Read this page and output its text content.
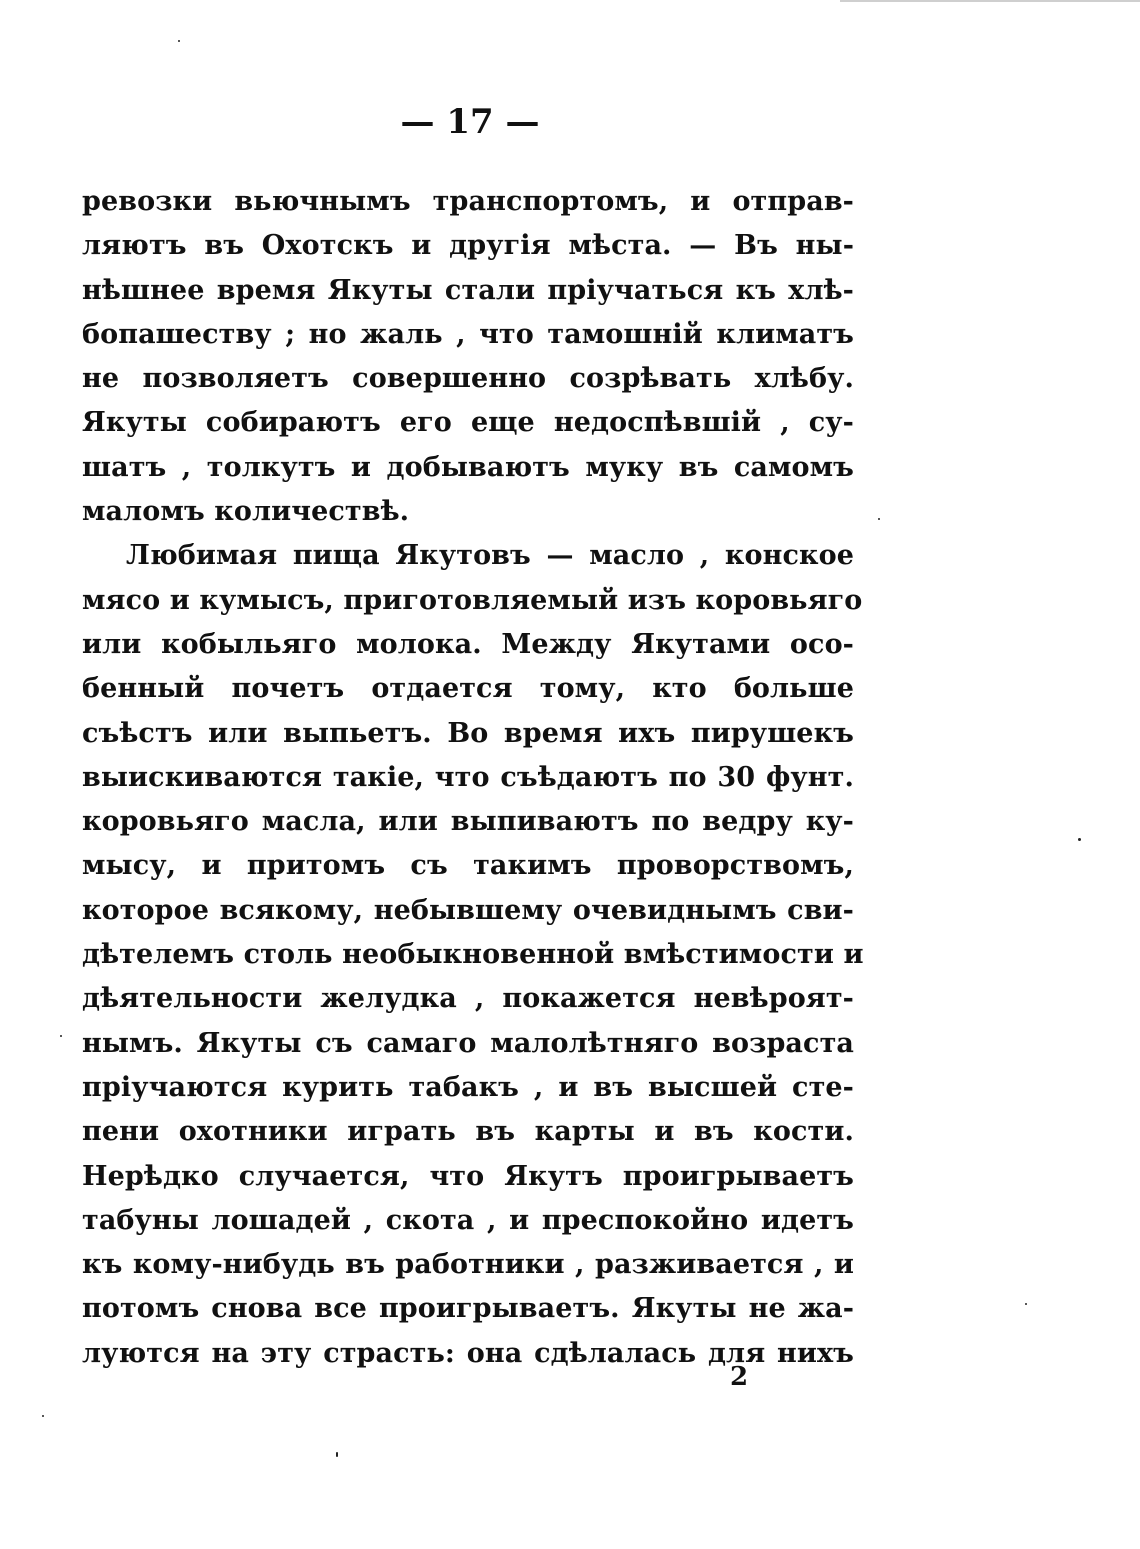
— 17 —
ревозки вьючнымъ транспортомъ, и отправ-
ляютъ въ Охотскъ и другія мѣста. — Въ ны-
нѣшнее время Якуты стали пріучаться къ хлѣ-
бопашеству ; но жаль , что тамошній климатъ
не позволяетъ совершенно созрѣвать хлѣбу.
Якуты собираютъ его еще недоспѣвшій , су-
шатъ , толкутъ и добываютъ муку въ самомъ
маломъ количествѣ.
Любимая пища Якутовъ — масло , конское
мясо и кумысъ, приготовляемый изъ коровьяго
или кобыльяго молока. Между Якутами осо-
бенный почетъ отдается тому, кто больше
съѣстъ или выпьетъ. Во время ихъ пирушекъ
выискиваются такіе, что съѣдаютъ по 30 фунт.
коровьяго масла, или выпиваютъ по ведру ку-
мысу, и притомъ съ такимъ проворствомъ,
которое всякому, небывшему очевиднымъ сви-
дѣтелемъ столь необыкновенной вмѣстимости и
дѣятельности желудка , покажется невѣроят-
нымъ. Якуты съ самаго малолѣтняго возраста
пріучаются курить табакъ , и въ высшей сте-
пени охотники играть въ карты и въ кости.
Нерѣдко случается, что Якутъ проигрываетъ
табуны лошадей , скота , и преспокойно идетъ
къ кому-нибудь въ работники , разживается , и
потомъ снова все проигрываетъ. Якуты не жа-
луются на эту страсть: она сдѣлалась для нихъ
2
